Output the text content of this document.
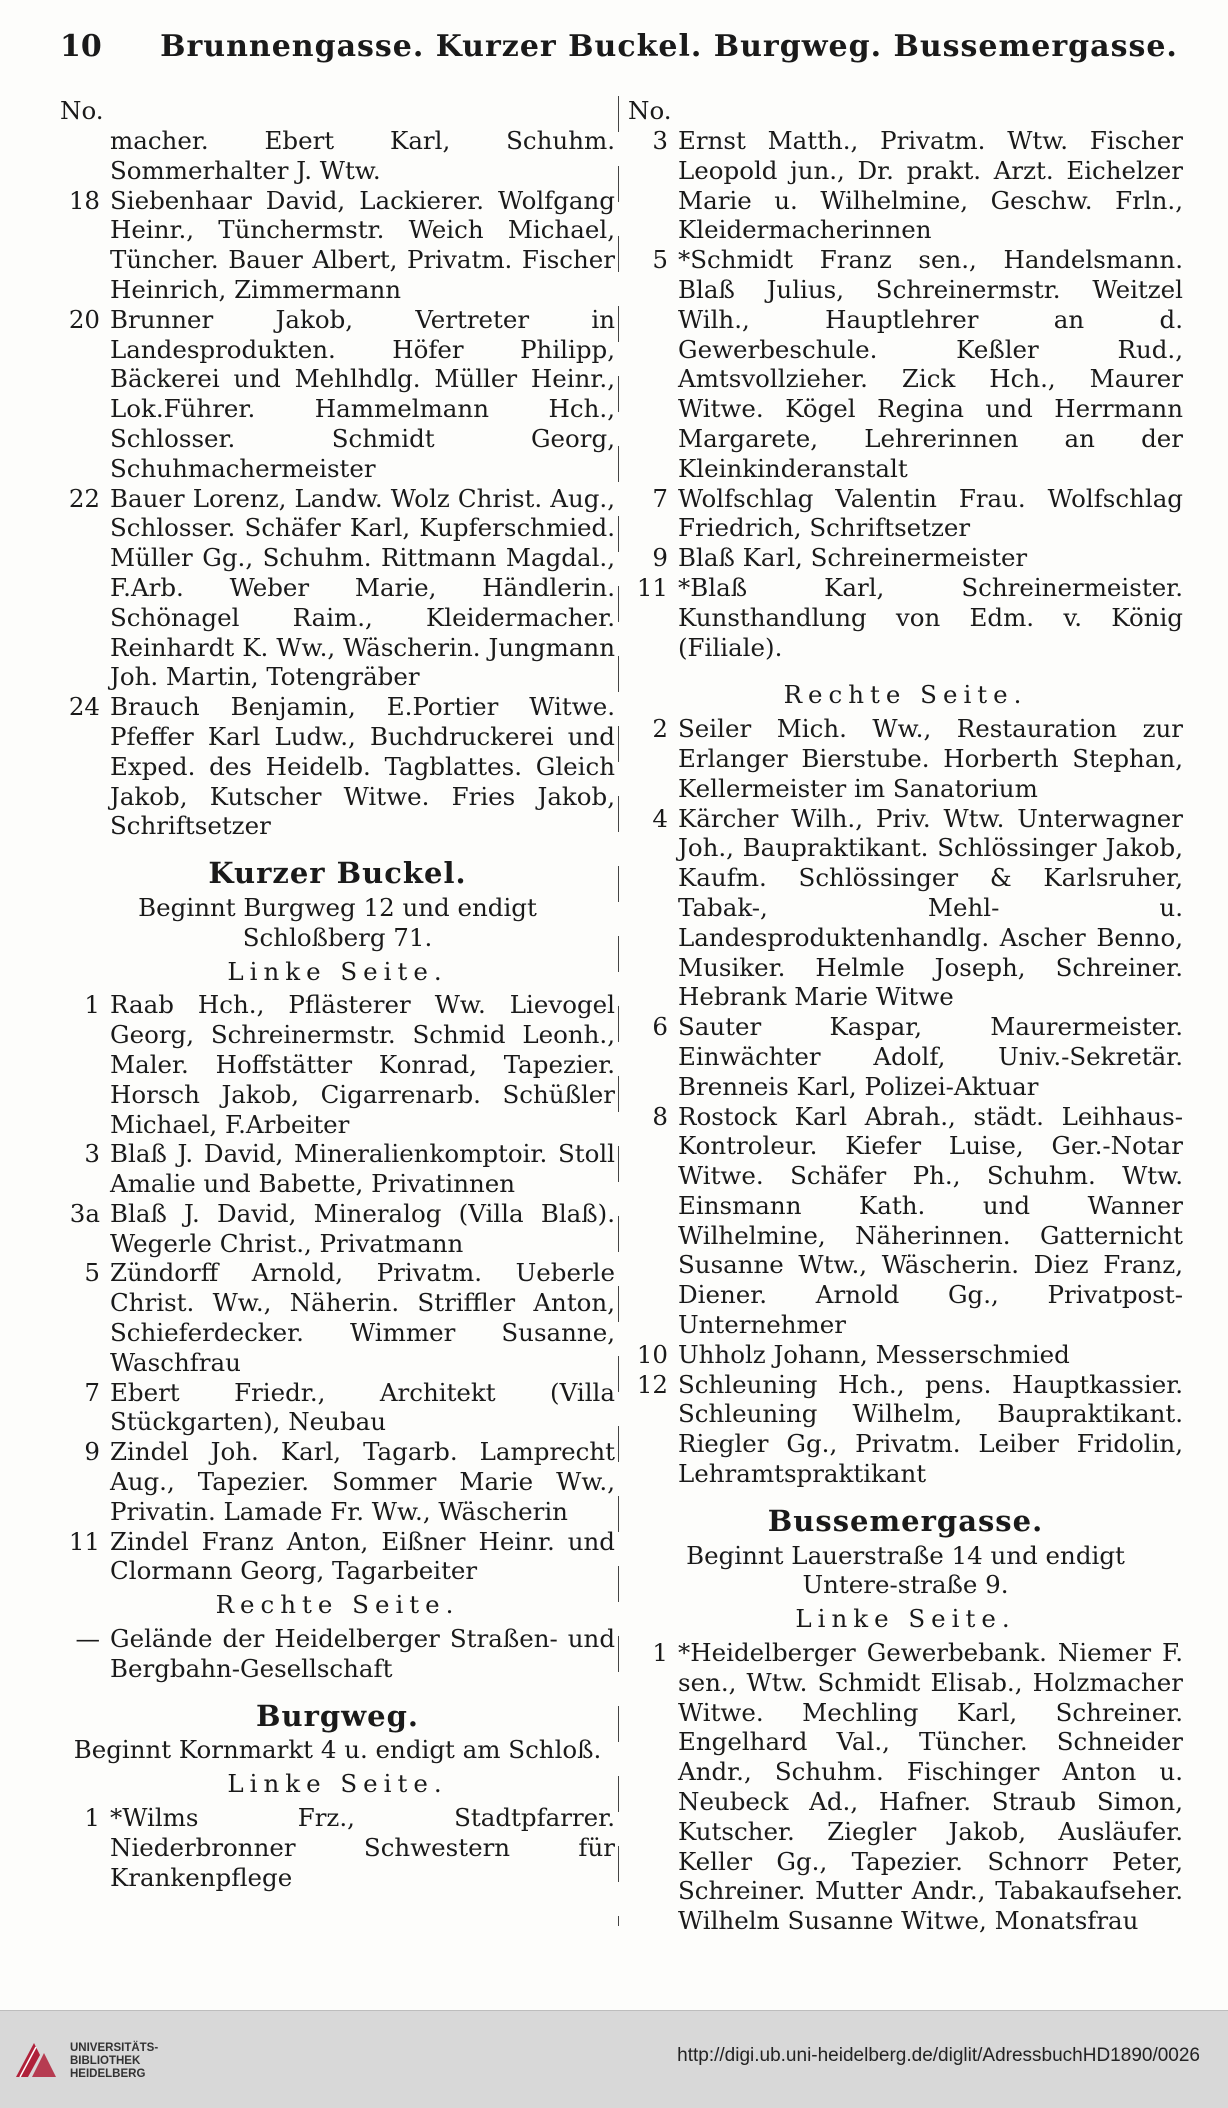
10	Brunnengasse. Kurzer Buckel. Burgweg. Bussemergasse.
No.
macher. Ebert Karl, Schuhm. Sommerhalter J. Wtw.
18 Siebenhaar David, Lackierer. Wolfgang Heinr., Tünchermstr. Weich Michael, Tüncher. Bauer Albert, Privatm. Fischer Heinrich, Zimmermann
20 Brunner Jakob, Vertreter in Landesprodukten. Höfer Philipp, Bäckerei und Mehlhdlg. Müller Heinr., Lok.Führer. Hammelmann Hch., Schlosser. Schmidt Georg, Schuhmachermeister
22 Bauer Lorenz, Landw. Wolz Christ. Aug., Schlosser. Schäfer Karl, Kupferschmied. Müller Gg., Schuhm. Rittmann Magdal., F.Arb. Weber Marie, Händlerin. Schönagel Raim., Kleidermacher. Reinhardt K. Ww., Wäscherin. Jungmann Joh. Martin, Totengräber
24 Brauch Benjamin, E.Portier Witwe. Pfeffer Karl Ludw., Buchdruckerei und Exped. des Heidelb. Tagblattes. Gleich Jakob, Kutscher Witwe. Fries Jakob, Schriftsetzer
Kurzer Buckel.
Beginnt Burgweg 12 und endigt Schloßberg 71.
Linke Seite.
1 Raab Hch., Pflästerer Ww. Lievogel Georg, Schreinermstr. Schmid Leonh., Maler. Hoffstätter Konrad, Tapezier. Horsch Jakob, Cigarrenarb. Schüßler Michael, F.Arbeiter
3 Blaß J. David, Mineralienkomptoir. Stoll Amalie und Babette, Privatinnen
3a Blaß J. David, Mineralog (Villa Blaß). Wegerle Christ., Privatmann
5 Zündorff Arnold, Privatm. Ueberle Christ. Ww., Näherin. Striffler Anton, Schieferdecker. Wimmer Susanne, Waschfrau
7 Ebert Friedr., Architekt (Villa Stückgarten), Neubau
9 Zindel Joh. Karl, Tagarb. Lamprecht Aug., Tapezier. Sommer Marie Ww., Privatin. Lamade Fr. Ww., Wäscherin
11 Zindel Franz Anton, Eißner Heinr. und Clormann Georg, Tagarbeiter
Rechte Seite.
— Gelände der Heidelberger Straßen- und Bergbahn-Gesellschaft
Burgweg.
Beginnt Kornmarkt 4 u. endigt am Schloß.
Linke Seite.
1 *Wilms Frz., Stadtpfarrer. Niederbronner Schwestern für Krankenpflege
No.
3 Ernst Matth., Privatm. Wtw. Fischer Leopold jun., Dr. prakt. Arzt. Eichelzer Marie u. Wilhelmine, Geschw. Frln., Kleidermacherinnen
5 *Schmidt Franz sen., Handelsmann. Blaß Julius, Schreinermstr. Weitzel Wilh., Hauptlehrer an d. Gewerbeschule. Keßler Rud., Amtsvollzieher. Zick Hch., Maurer Witwe. Kögel Regina und Herrmann Margarete, Lehrerinnen an der Kleinkinderanstalt
7 Wolfschlag Valentin Frau. Wolfschlag Friedrich, Schriftsetzer
9 Blaß Karl, Schreinermeister
11 *Blaß Karl, Schreinermeister. Kunsthandlung von Edm. v. König (Filiale).
Rechte Seite.
2 Seiler Mich. Ww., Restauration zur Erlanger Bierstube. Horberth Stephan, Kellermeister im Sanatorium
4 Kärcher Wilh., Priv. Wtw. Unterwagner Joh., Baupraktikant. Schlössinger Jakob, Kaufm. Schlössinger & Karlsruher, Tabak-, Mehl- u. Landesproduktenhandlg. Ascher Benno, Musiker. Helmle Joseph, Schreiner. Hebrank Marie Witwe
6 Sauter Kaspar, Maurermeister. Einwächter Adolf, Univ.-Sekretär. Brenneis Karl, Polizei-Aktuar
8 Rostock Karl Abrah., städt. Leihhaus-Kontroleur. Kiefer Luise, Ger.-Notar Witwe. Schäfer Ph., Schuhm. Wtw. Einsmann Kath. und Wanner Wilhelmine, Näherinnen. Gatternicht Susanne Wtw., Wäscherin. Diez Franz, Diener. Arnold Gg., Privatpost-Unternehmer
10 Uhholz Johann, Messerschmied
12 Schleuning Hch., pens. Hauptkassier. Schleuning Wilhelm, Baupraktikant. Riegler Gg., Privatm. Leiber Fridolin, Lehramtspraktikant
Bussemergasse.
Beginnt Lauerstraße 14 und endigt Untere-straße 9.
Linke Seite.
1 *Heidelberger Gewerbebank. Niemer F. sen., Wtw. Schmidt Elisab., Holzmacher Witwe. Mechling Karl, Schreiner. Engelhard Val., Tüncher. Schneider Andr., Schuhm. Fischinger Anton u. Neubeck Ad., Hafner. Straub Simon, Kutscher. Ziegler Jakob, Ausläufer. Keller Gg., Tapezier. Schnorr Peter, Schreiner. Mutter Andr., Tabakaufseher. Wilhelm Susanne Witwe, Monatsfrau
UNIVERSITÄTS-
BIBLIOTHEK
HEIDELBERG
http://digi.ub.uni-heidelberg.de/diglit/AdressbuchHD1890/0026
